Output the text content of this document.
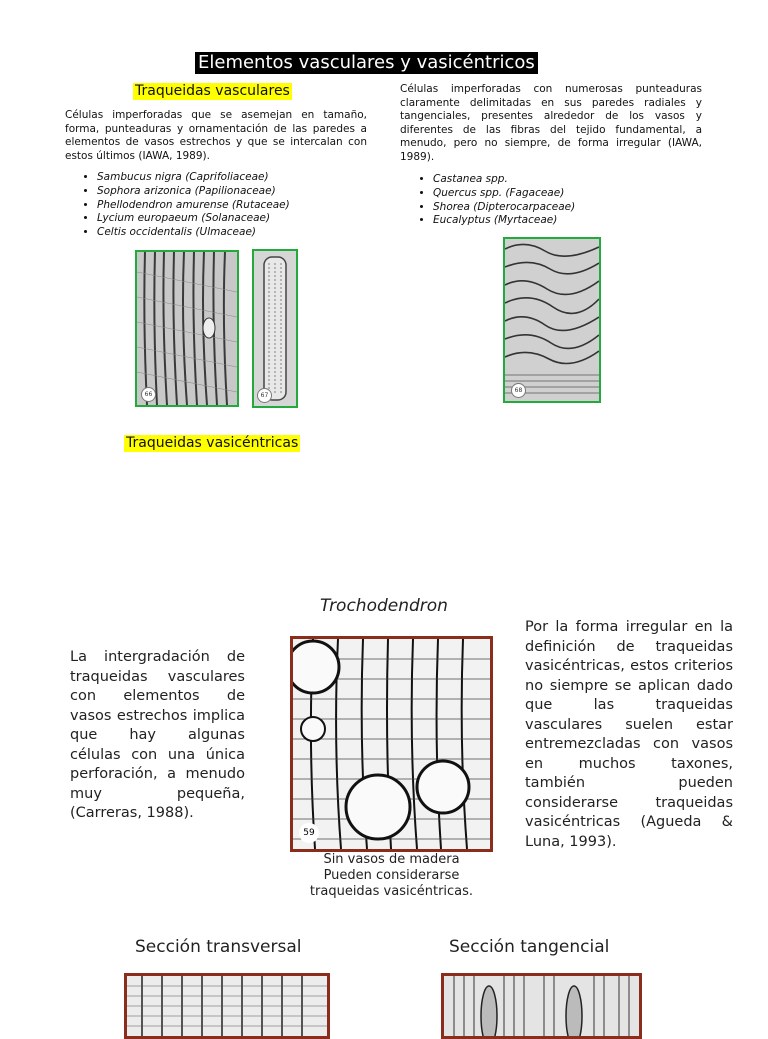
Elementos vasculares y vasicéntricos
Traqueidas vasculares
Células imperforadas que se asemejan en tamaño, forma, punteaduras y ornamentación de las paredes a elementos de vasos estrechos y que se intercalan con estos últimos (IAWA, 1989).
• Sambucus nigra (Caprifoliaceae)
• Sophora arizonica (Papilionaceae)
• Phellodendron amurense (Rutaceae)
• Lycium europaeum (Solanaceae)
• Celtis occidentalis (Ulmaceae)
66	67
Células imperforadas con numerosas punteaduras claramente delimitadas en sus paredes radiales y tangenciales, presentes alrededor de los vasos y diferentes de las fibras del tejido fundamental, a menudo, pero no siempre, de forma irregular (IAWA, 1989).
• Castanea spp.
• Quercus spp. (Fagaceae)
• Shorea (Dipterocarpaceae)
• Eucalyptus (Myrtaceae)
68
Traqueidas vasicéntricas
Trochodendron
La intergradación de traqueidas vasculares con elementos de vasos estrechos implica que hay algunas células con una única perforación, a menudo muy pequeña, (Carreras, 1988).
59
Sin vasos de madera
Pueden considerarse
traqueidas vasicéntricas.
Por la forma irregular en la definición de traqueidas vasicéntricas, estos criterios no siempre se aplican dado que las traqueidas vasculares suelen estar entremezcladas con vasos en muchos taxones, también pueden considerarse traqueidas vasicéntricas (Agueda & Luna, 1993).
Sección transversal	Sección tangencial
